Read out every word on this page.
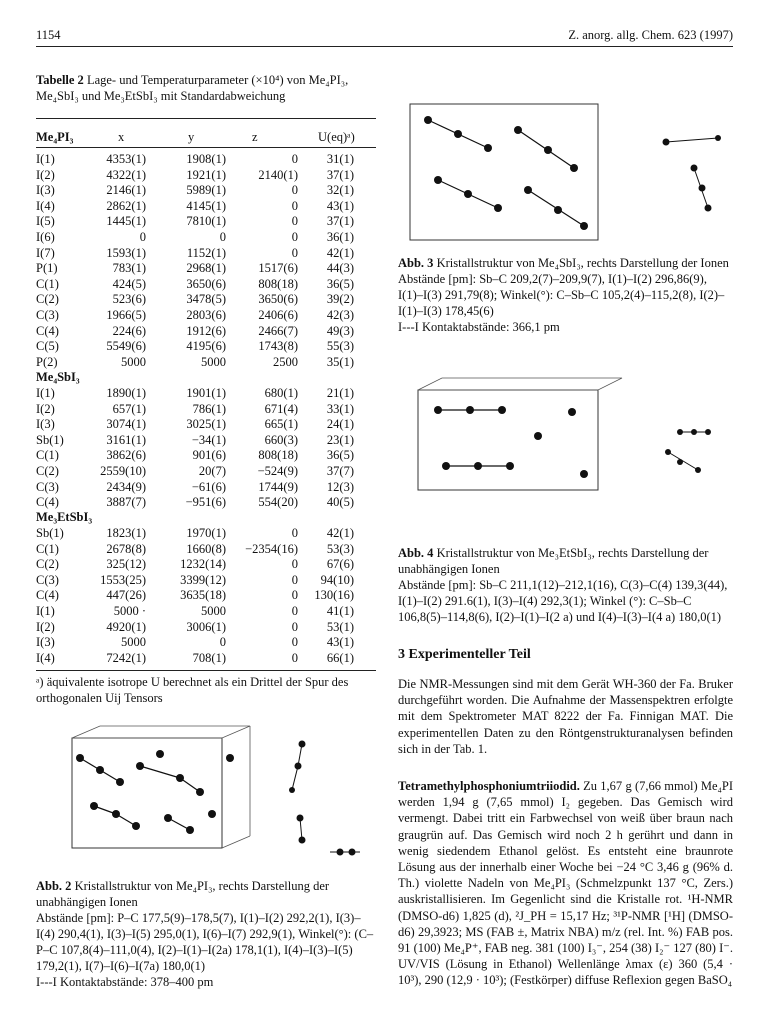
1154	Z. anorg. allg. Chem. 623 (1997)
Tabelle 2 Lage- und Temperaturparameter (×10⁴) von Me₄PI₃, Me₄SbI₃ und Me₃EtSbI₃ mit Standardabweichung
Me₄PI₃	x	y	z	U(eq)ᵃ)
I(1)	4353(1)	1908(1)	0	31(1)
I(2)	4322(1)	1921(1)	2140(1)	37(1)
I(3)	2146(1)	5989(1)	0	32(1)
I(4)	2862(1)	4145(1)	0	43(1)
I(5)	1445(1)	7810(1)	0	37(1)
I(6)	0	0	0	36(1)
I(7)	1593(1)	1152(1)	0	42(1)
P(1)	783(1)	2968(1)	1517(6)	44(3)
C(1)	424(5)	3650(6)	808(18)	36(5)
C(2)	523(6)	3478(5)	3650(6)	39(2)
C(3)	1966(5)	2803(6)	2406(6)	42(3)
C(4)	224(6)	1912(6)	2466(7)	49(3)
C(5)	5549(6)	4195(6)	1743(8)	55(3)
P(2)	5000	5000	2500	35(1)
Me₄SbI₃
I(1)	1890(1)	1901(1)	680(1)	21(1)
I(2)	657(1)	786(1)	671(4)	33(1)
I(3)	3074(1)	3025(1)	665(1)	24(1)
Sb(1)	3161(1)	−34(1)	660(3)	23(1)
C(1)	3862(6)	901(6)	808(18)	36(5)
C(2)	2559(10)	20(7)	−524(9)	37(7)
C(3)	2434(9)	−61(6)	1744(9)	12(3)
C(4)	3887(7)	−951(6)	554(20)	40(5)
Me₃EtSbI₃
Sb(1)	1823(1)	1970(1)	0	42(1)
C(1)	2678(8)	1660(8)	−2354(16)	53(3)
C(2)	325(12)	1232(14)	0	67(6)
C(3)	1553(25)	3399(12)	0	94(10)
C(4)	447(26)	3635(18)	0	130(16)
I(1)	5000 ·	5000	0	41(1)
I(2)	4920(1)	3006(1)	0	53(1)
I(3)	5000	0	0	43(1)
I(4)	7242(1)	708(1)	0	66(1)
ᵃ) äquivalente isotrope U berechnet als ein Drittel der Spur des orthogonalen Uij Tensors
Abb. 2 Kristallstruktur von Me₄PI₃, rechts Darstellung der unabhängigen Ionen
Abstände [pm]: P–C 177,5(9)–178,5(7), I(1)–I(2) 292,2(1), I(3)–I(4) 290,4(1), I(3)–I(5) 295,0(1), I(6)–I(7) 292,9(1), Winkel(°): (C–P–C 107,8(4)–111,0(4), I(2)–I(1)–I(2a) 178,1(1), I(4)–I(3)–I(5) 179,2(1), I(7)–I(6)–I(7a) 180,0(1)
I---I Kontaktabstände: 378–400 pm
Abb. 3 Kristallstruktur von Me₄SbI₃, rechts Darstellung der Ionen
Abstände [pm]: Sb–C 209,2(7)–209,9(7), I(1)–I(2) 296,86(9), I(1)–I(3) 291,79(8); Winkel(°): C–Sb–C 105,2(4)–115,2(8), I(2)–I(1)–I(3) 178,45(6)
I---I Kontaktabstände: 366,1 pm
Abb. 4 Kristallstruktur von Me₃EtSbI₃, rechts Darstellung der unabhängigen Ionen
Abstände [pm]: Sb–C 211,1(12)–212,1(16), C(3)–C(4) 139,3(44), I(1)–I(2) 291.6(1), I(3)–I(4) 292,3(1); Winkel (°): C–Sb–C 106,8(5)–114,8(6), I(2)–I(1)–I(2 a) und I(4)–I(3)–I(4 a) 180,0(1)
3 Experimenteller Teil
Die NMR-Messungen sind mit dem Gerät WH-360 der Fa. Bruker durchgeführt worden. Die Aufnahme der Massenspektren erfolgte mit dem Spektrometer MAT 8222 der Fa. Finnigan MAT. Die experimentellen Daten zu den Röntgenstrukturanalysen befinden sich in der Tab. 1.
Tetramethylphosphoniumtriiodid. Zu 1,67 g (7,66 mmol) Me₄PI werden 1,94 g (7,65 mmol) I₂ gegeben. Das Gemisch wird vermengt. Dabei tritt ein Farbwechsel von weiß über braun nach graugrün auf. Das Gemisch wird noch 2 h gerührt und dann in wenig siedendem Ethanol gelöst. Es entsteht eine braunrote Lösung aus der innerhalb einer Woche bei −24 °C 3,46 g (96% d. Th.) violette Nadeln von Me₄PI₃ (Schmelzpunkt 137 °C, Zers.) auskristallisieren. Im Gegenlicht sind die Kristalle rot. ¹H-NMR (DMSO-d6) 1,825 (d), ²J_PH = 15,17 Hz; ³¹P-NMR [¹H] (DMSO-d6) 29,3923; MS (FAB ±, Matrix NBA) m/z (rel. Int. %) FAB pos. 91 (100) Me₄P⁺, FAB neg. 381 (100) I₃⁻, 254 (38) I₂⁻ 127 (80) I⁻. UV/VIS (Lösung in Ethanol) Wellenlänge λmax (ε) 360 (5,4 · 10³), 290 (12,9 · 10³); (Festkörper) diffuse Reflexion gegen BaSO₄
